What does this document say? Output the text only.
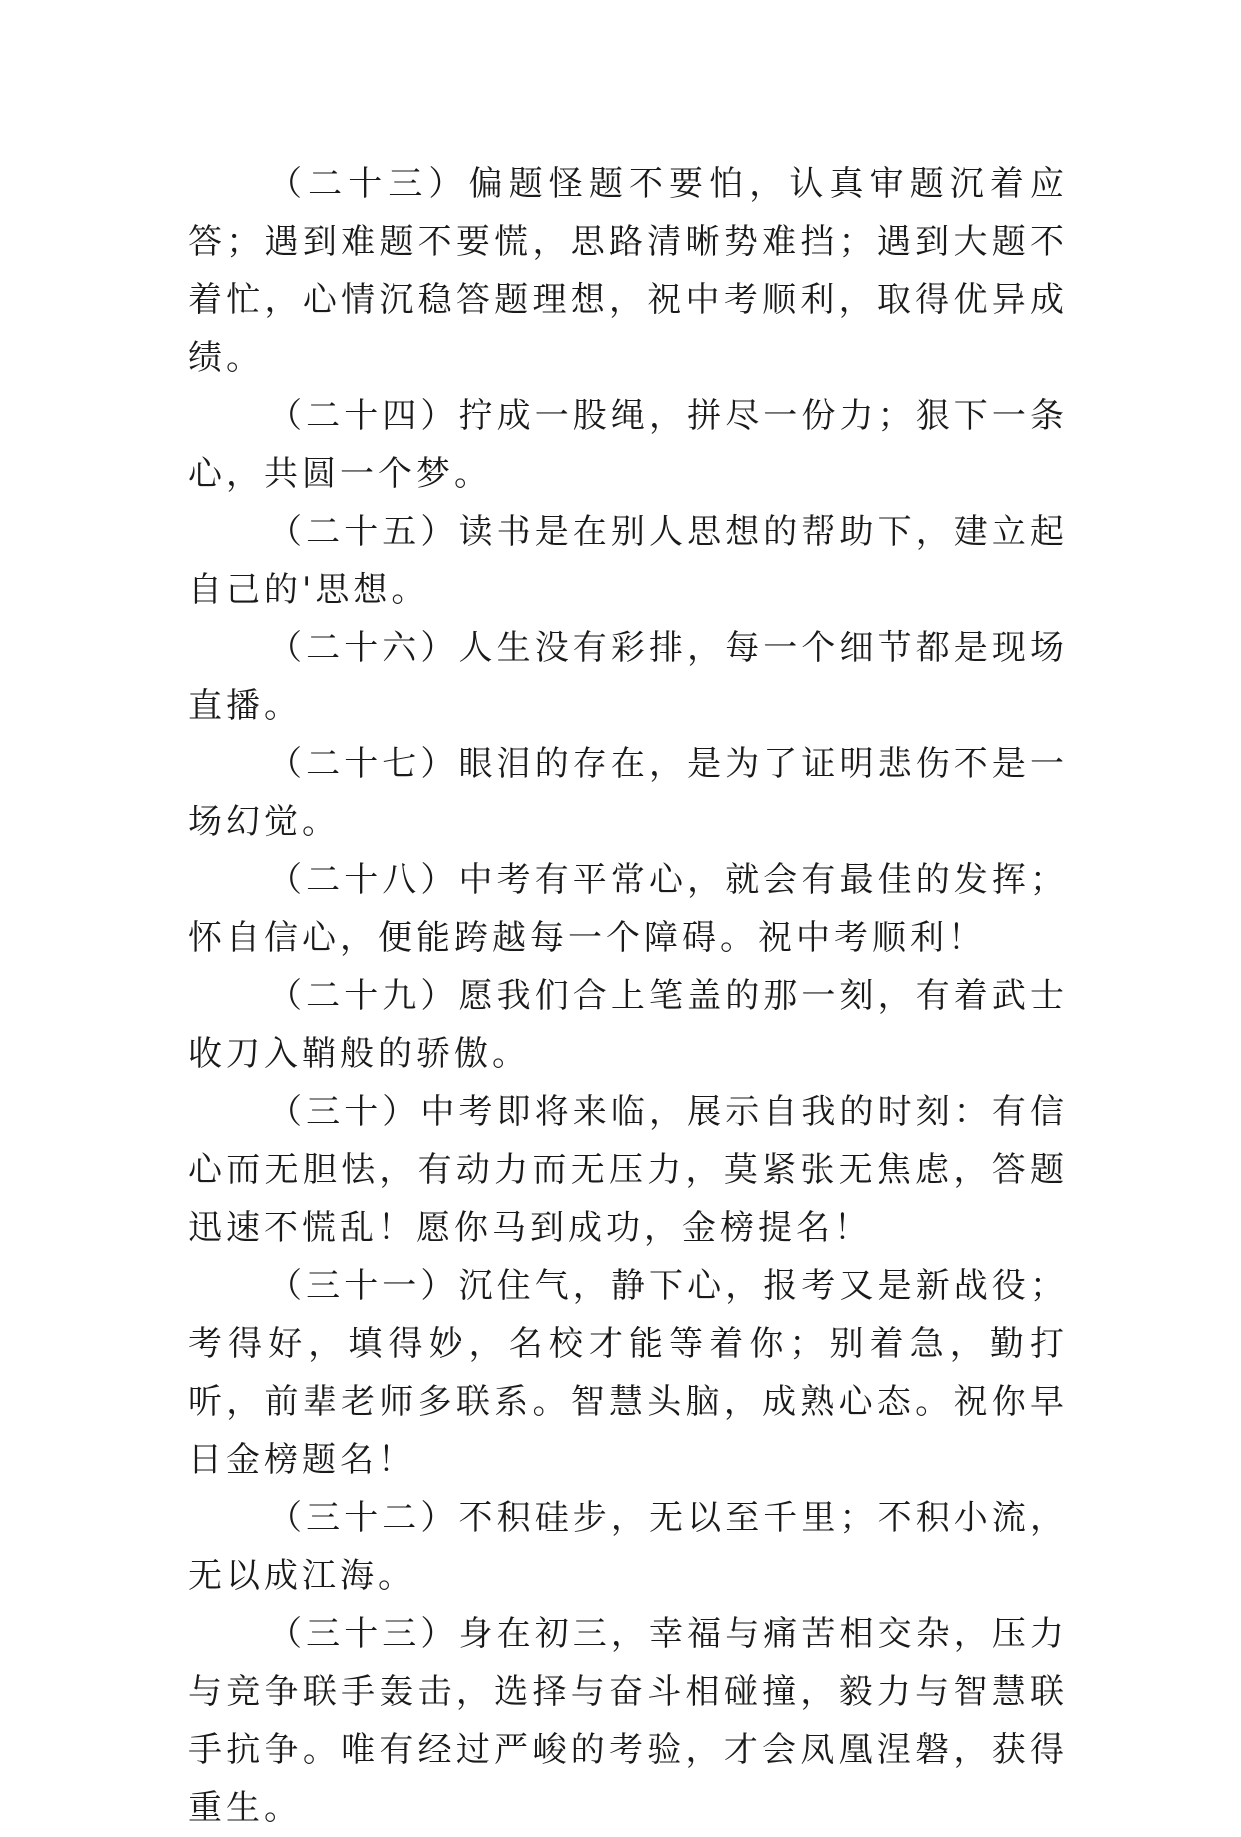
（二十三）偏题怪题不要怕，认真审题沉着应答；遇到难题不要慌，思路清晰势难挡；遇到大题不着忙，心情沉稳答题理想，祝中考顺利，取得优异成绩。

（二十四）拧成一股绳，拼尽一份力；狠下一条心，共圆一个梦。

（二十五）读书是在别人思想的帮助下，建立起自己的'思想。

（二十六）人生没有彩排，每一个细节都是现场直播。

（二十七）眼泪的存在，是为了证明悲伤不是一场幻觉。

（二十八）中考有平常心，就会有最佳的发挥；怀自信心，便能跨越每一个障碍。祝中考顺利！

（二十九）愿我们合上笔盖的那一刻，有着武士收刀入鞘般的骄傲。

（三十）中考即将来临，展示自我的时刻：有信心而无胆怯，有动力而无压力，莫紧张无焦虑，答题迅速不慌乱！愿你马到成功，金榜提名！

（三十一）沉住气，静下心，报考又是新战役；考得好，填得妙，名校才能等着你；别着急，勤打听，前辈老师多联系。智慧头脑，成熟心态。祝你早日金榜题名！

（三十二）不积硅步，无以至千里；不积小流，无以成江海。

（三十三）身在初三，幸福与痛苦相交杂，压力与竞争联手轰击，选择与奋斗相碰撞，毅力与智慧联手抗争。唯有经过严峻的考验，才会凤凰涅磐，获得重生。
